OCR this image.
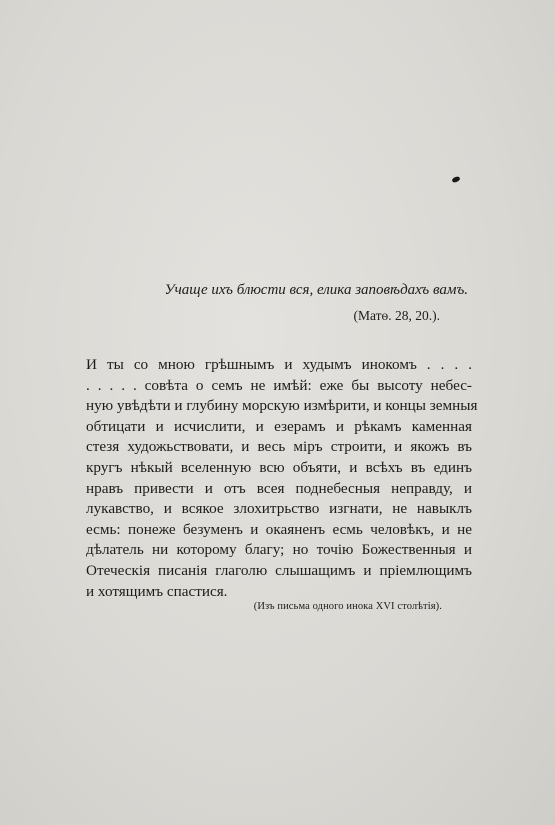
Учаще ихъ блюсти вся, елика заповѣдахъ вамъ.
(Матѳ. 28, 20.).
И ты со мною грѣшнымъ и худымъ инокомъ . . . .
. . . . . совѣта о семъ не имѣй: еже бы высоту небес-
ную увѣдѣти и глубину морскую измѣрити, и концы земныя
обтицати и исчислити, и езерамъ и рѣкамъ каменная
стезя художьствовати, и весь міръ строити, и якожъ въ
кругъ нѣкый вселенную всю объяти, и всѣхъ въ единъ
нравъ привести и отъ всея поднебесныя неправду, и
лукавство, и всякое злохитрьство изгнати, не навыклъ
есмь: понеже безуменъ и окаяненъ есмь человѣкъ, и не
дѣлатель ни которому благу; но точію Божественныя и
Отеческія писанія глаголю слышащимъ и пріемлющимъ
и хотящимъ спастися.
(Изъ письма одного инока XVI столѣтія).
